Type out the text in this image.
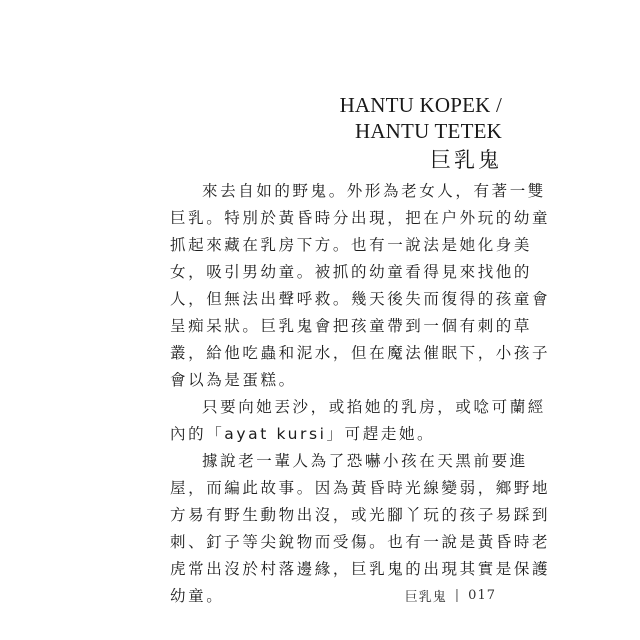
HANTU KOPEK /
HANTU TETEK
巨乳鬼
來去自如的野鬼。外形為老女人，有著一雙
巨乳。特別於黃昏時分出現，把在户外玩的幼童
抓起來藏在乳房下方。也有一說法是她化身美
女，吸引男幼童。被抓的幼童看得見來找他的
人，但無法出聲呼救。幾天後失而復得的孩童會
呈痴呆狀。巨乳鬼會把孩童帶到一個有刺的草
叢，給他吃蟲和泥水，但在魔法催眠下，小孩子
會以為是蛋糕。
只要向她丟沙，或掐她的乳房，或唸可蘭經
內的「ayat kursi」可趕走她。
據說老一輩人為了恐嚇小孩在天黑前要進
屋，而編此故事。因為黃昏時光線變弱，鄉野地
方易有野生動物出沒，或光腳丫玩的孩子易踩到
刺、釘子等尖銳物而受傷。也有一說是黃昏時老
虎常出沒於村落邊緣，巨乳鬼的出現其實是保護
幼童。	巨乳鬼 | 017
